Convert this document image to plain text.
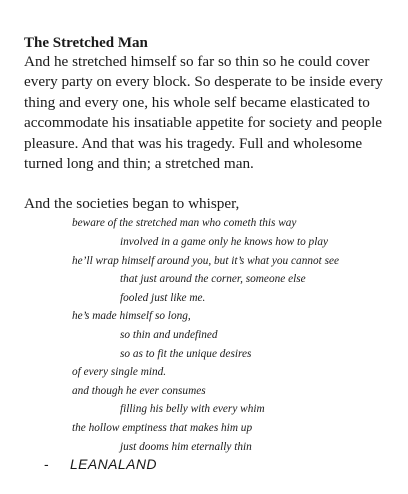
The Stretched Man

And he stretched himself so far so thin so he could cover every party on every block. So desperate to be inside every thing and every one, his whole self became elasticated to accommodate his insatiable appetite for society and people pleasure. And that was his tragedy. Full and wholesome turned long and thin; a stretched man.

And the societies began to whisper,

beware of the stretched man who cometh this way
involved in a game only he knows how to play
he’ll wrap himself around you, but it’s what you cannot see
that just around the corner, someone else
fooled just like me.
he’s made himself so long,
so thin and undefined
so as to fit the unique desires
of every single mind.
and though he ever consumes
filling his belly with every whim
the hollow emptiness that makes him up
just dooms him eternally thin
- LEANALAND
